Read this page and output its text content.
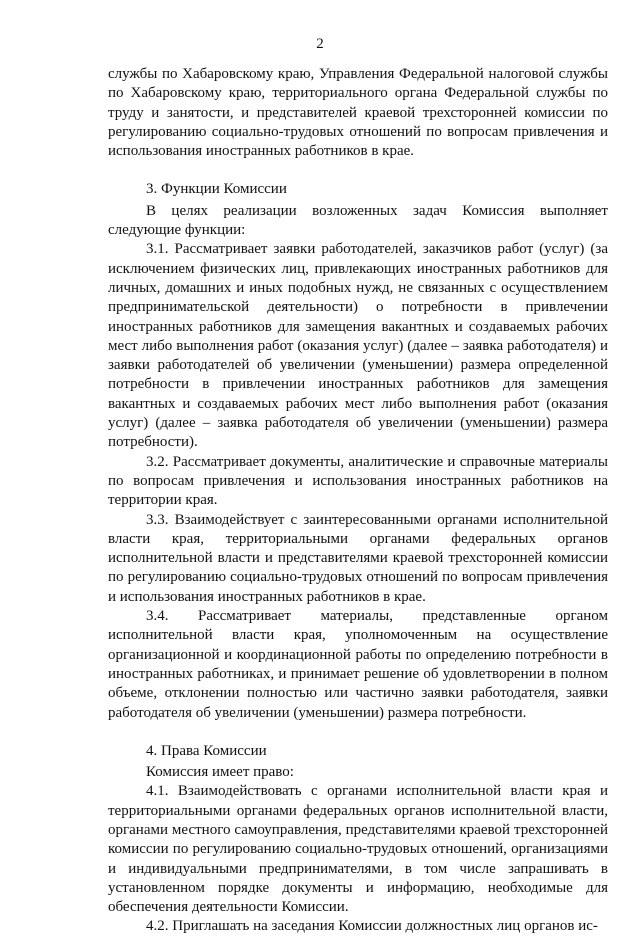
2

службы по Хабаровскому краю, Управления Федеральной налоговой службы по Хабаровскому краю, территориального органа Федеральной службы по труду и занятости, и представителей краевой трехсторонней комиссии по регулированию социально-трудовых отношений по вопросам привлечения и использования иностранных работников в крае.

3. Функции Комиссии

В целях реализации возложенных задач Комиссия выполняет следующие функции:

3.1. Рассматривает заявки работодателей, заказчиков работ (услуг) (за исключением физических лиц, привлекающих иностранных работников для личных, домашних и иных подобных нужд, не связанных с осуществлением предпринимательской деятельности) о потребности в привлечении иностранных работников для замещения вакантных и создаваемых рабочих мест либо выполнения работ (оказания услуг) (далее – заявка работодателя) и заявки работодателей об увеличении (уменьшении) размера определенной потребности в привлечении иностранных работников для замещения вакантных и создаваемых рабочих мест либо выполнения работ (оказания услуг) (далее – заявка работодателя об увеличении (уменьшении) размера потребности).

3.2. Рассматривает документы, аналитические и справочные материалы по вопросам привлечения и использования иностранных работников на территории края.

3.3. Взаимодействует с заинтересованными органами исполнительной власти края, территориальными органами федеральных органов исполнительной власти и представителями краевой трехсторонней комиссии по регулированию социально-трудовых отношений по вопросам привлечения и использования иностранных работников в крае.

3.4. Рассматривает материалы, представленные органом исполнительной власти края, уполномоченным на осуществление организационной и координационной работы по определению потребности в иностранных работниках, и принимает решение об удовлетворении в полном объеме, отклонении полностью или частично заявки работодателя, заявки работодателя об увеличении (уменьшении) размера потребности.

4. Права Комиссии

Комиссия имеет право:

4.1. Взаимодействовать с органами исполнительной власти края и территориальными органами федеральных органов исполнительной власти, органами местного самоуправления, представителями краевой трехсторонней комиссии по регулированию социально-трудовых отношений, организациями и индивидуальными предпринимателями, в том числе запрашивать в установленном порядке документы и информацию, необходимые для обеспечения деятельности Комиссии.

4.2. Приглашать на заседания Комиссии должностных лиц органов ис-
